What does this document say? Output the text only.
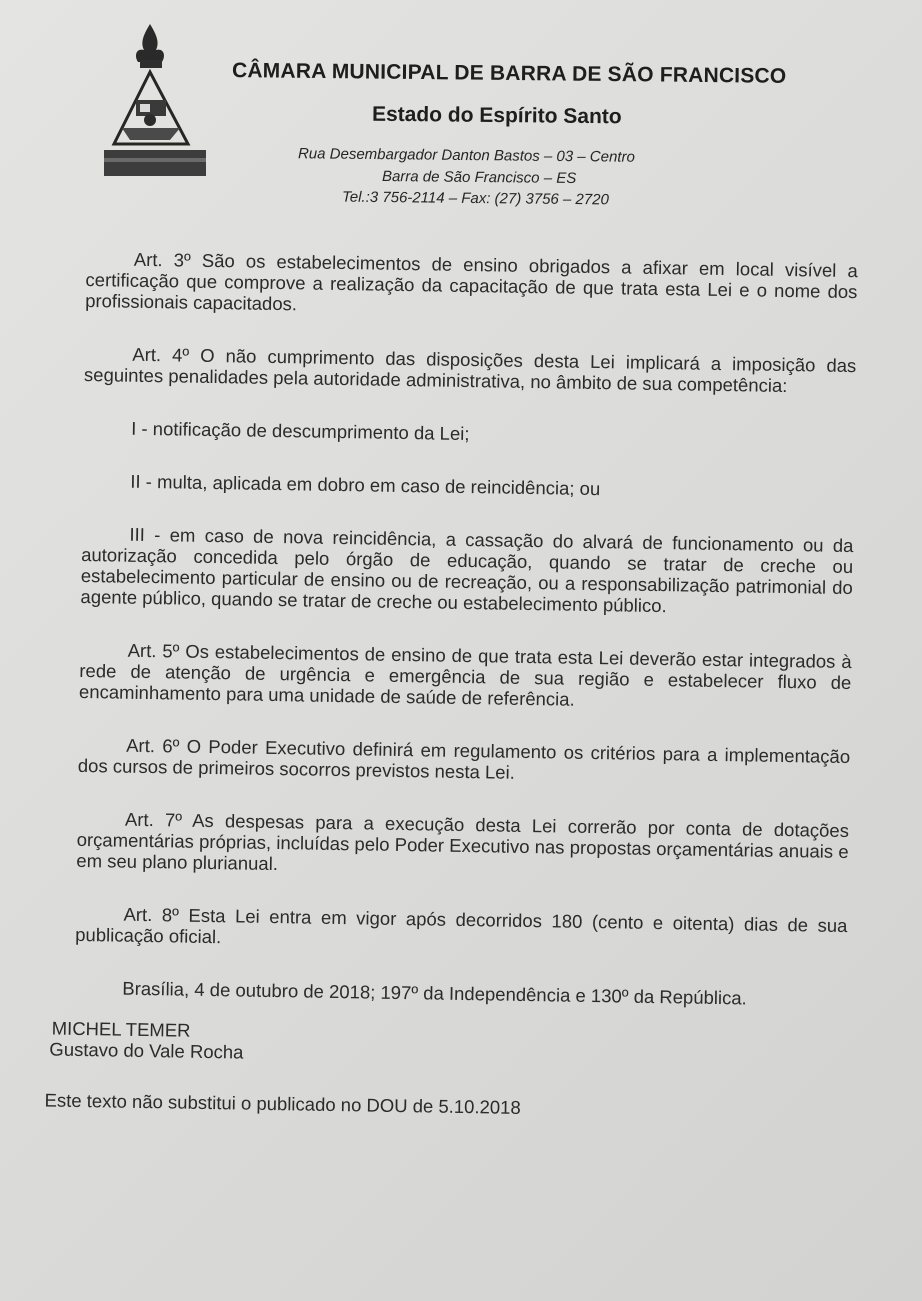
CÂMARA MUNICIPAL DE BARRA DE SÃO FRANCISCO
Estado do Espírito Santo
Rua Desembargador Danton Bastos – 03 – Centro
Barra de São Francisco – ES
Tel.:3 756-2114 – Fax: (27) 3756 – 2720

Art. 3º São os estabelecimentos de ensino obrigados a afixar em local visível a certificação que comprove a realização da capacitação de que trata esta Lei e o nome dos profissionais capacitados.

Art. 4º O não cumprimento das disposições desta Lei implicará a imposição das seguintes penalidades pela autoridade administrativa, no âmbito de sua competência:

I - notificação de descumprimento da Lei;

II - multa, aplicada em dobro em caso de reincidência; ou

III - em caso de nova reincidência, a cassação do alvará de funcionamento ou da autorização concedida pelo órgão de educação, quando se tratar de creche ou estabelecimento particular de ensino ou de recreação, ou a responsabilização patrimonial do agente público, quando se tratar de creche ou estabelecimento público.

Art. 5º Os estabelecimentos de ensino de que trata esta Lei deverão estar integrados à rede de atenção de urgência e emergência de sua região e estabelecer fluxo de encaminhamento para uma unidade de saúde de referência.

Art. 6º O Poder Executivo definirá em regulamento os critérios para a implementação dos cursos de primeiros socorros previstos nesta Lei.

Art. 7º As despesas para a execução desta Lei correrão por conta de dotações orçamentárias próprias, incluídas pelo Poder Executivo nas propostas orçamentárias anuais e em seu plano plurianual.

Art. 8º Esta Lei entra em vigor após decorridos 180 (cento e oitenta) dias de sua publicação oficial.

Brasília, 4 de outubro de 2018; 197º da Independência e 130º da República.

MICHEL TEMER

Gustavo do Vale Rocha

Este texto não substitui o publicado no DOU de 5.10.2018
